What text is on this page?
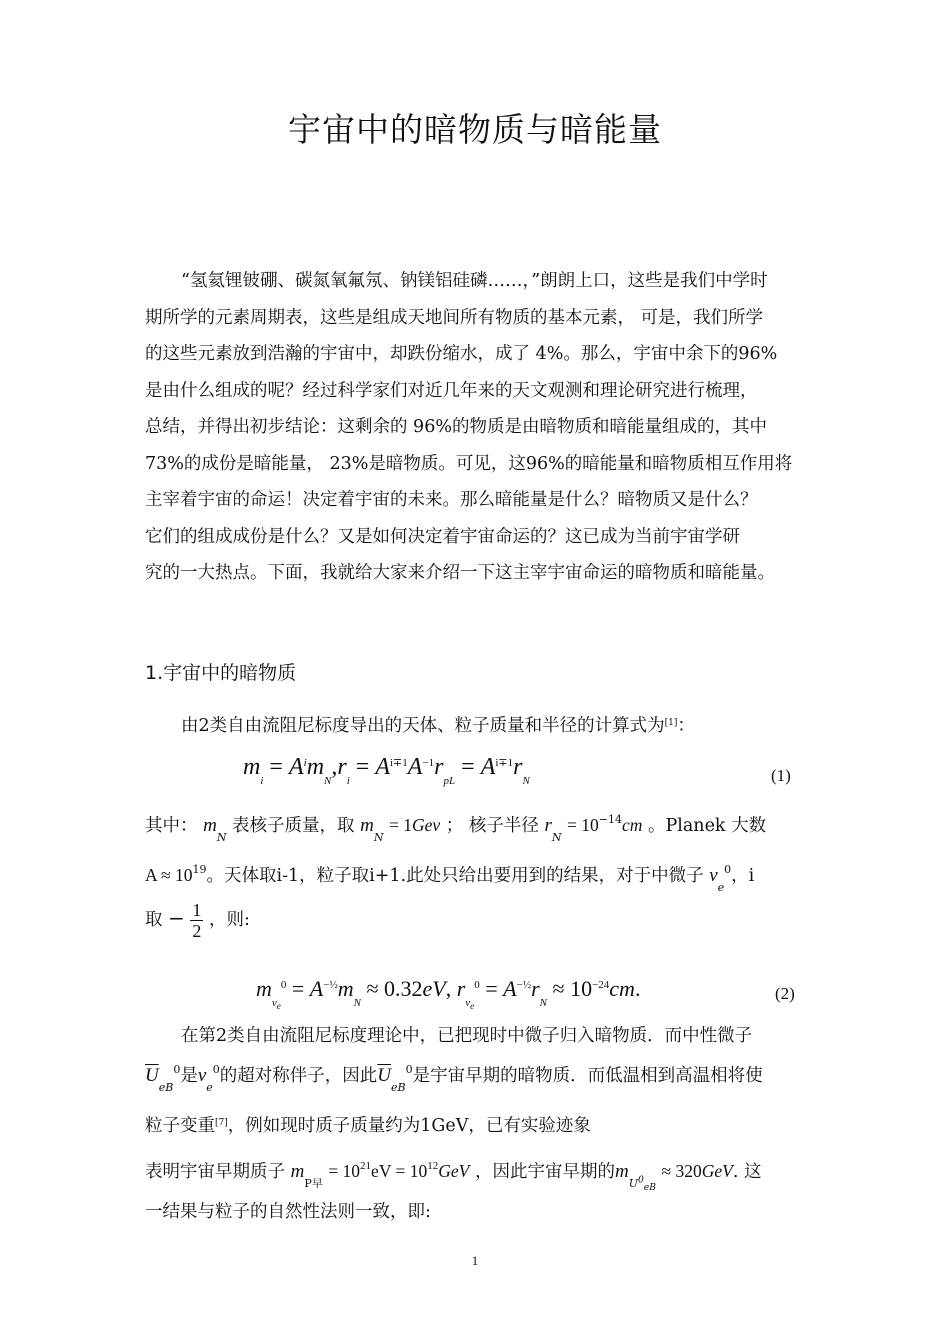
宇宙中的暗物质与暗能量
“氢氦锂铍硼、碳氮氧氟氖、钠镁铝硅磷……，”朗朗上口，这些是我们中学时
期所学的元素周期表，这些是组成天地间所有物质的基本元素， 可是，我们所学
的这些元素放到浩瀚的宇宙中，却跌份缩水，成了 4%。那么，宇宙中余下的96%
是由什么组成的呢？经过科学家们对近几年来的天文观测和理论研究进行梳理，
总结，并得出初步结论：这剩余的 96%的物质是由暗物质和暗能量组成的，其中
73%的成份是暗能量， 23%是暗物质。可见，这96%的暗能量和暗物质相互作用将
主宰着宇宙的命运！决定着宇宙的未来。那么暗能量是什么？暗物质又是什么？
它们的组成成份是什么？又是如何决定着宇宙命运的？这已成为当前宇宙学研
究的一大热点。下面，我就给大家来介绍一下这主宰宇宙命运的暗物质和暗能量。
1.宇宙中的暗物质
由2类自由流阻尼标度导出的天体、粒子质量和半径的计算式为[1]：
$m_i = A^im_N,r_i = A^{i\mp 1}A^{-1}r_{pL} = A^{i\mp 1}r_N$	(1)
其中： $m_N$ 表核子质量，取 $m_N = 1Gev$ ； 核子半径 $r_N = 10^{-14}cm$ 。Planek 大数
$A \approx 10^{19}$。天体取i-1，粒子取i+1.此处只给出要用到的结果，对于中微子 $v_e^0$，i
取 − $\frac{1}{2}$ ，则:
$m_{v_e}^0 = A^{-\frac{1}{2}}m_N \approx 0.32eV$, $r_{v_e}^0 = A^{-\frac{1}{2}}r_N \approx 10^{-24}cm$.	(2)
在第2类自由流阻尼标度理论中，已把现时中微子归入暗物质．而中性微子
$\overline{U}_{eB}^0$是$v_e^0$的超对称伴子，因此$\overline{U}_{eB}^0$是宇宙早期的暗物质．而低温相到高温相将使
粒子变重[7]，例如现时质子质量约为1GeV，已有实验迹象
表明宇宙早期质子 $m_{P早} = 10^{21}eV = 10^{12}GeV$ ，因此宇宙早期的$m_{U^0_{eB}} \approx 320GeV$. 这
一结果与粒子的自然性法则一致，即:
1
